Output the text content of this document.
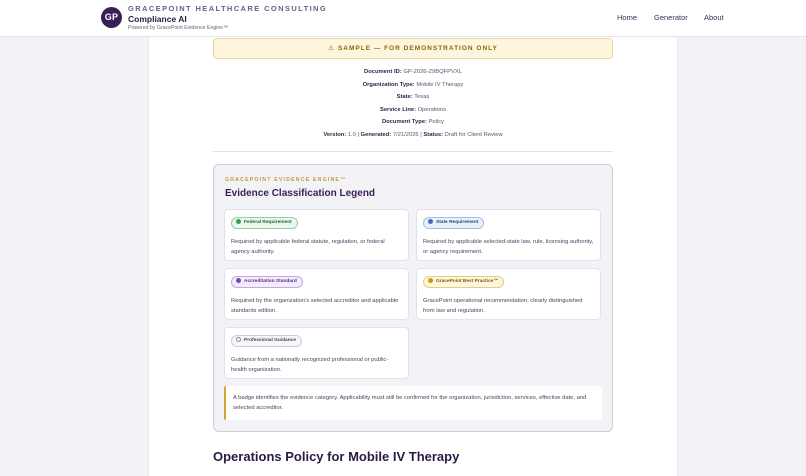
GP
GRACEPOINT HEALTHCARE CONSULTING
Compliance AI
Powered by GracePoint Evidence Engine™
Home Generator About
⚠ SAMPLE — FOR DEMONSTRATION ONLY
Document ID: GP-2026-Z9BQFPVXL
Organization Type: Mobile IV Therapy
State: Texas
Service Line: Operations
Document Type: Policy
Version: 1.0 | Generated: 7/21/2026 | Status: Draft for Client Review
GRACEPOINT EVIDENCE ENGINE™
Evidence Classification Legend
Federal Requirement
Required by applicable federal statute, regulation, or federal agency authority.
State Requirement
Required by applicable selected-state law, rule, licensing authority, or agency requirement.
Accreditation Standard
Required by the organization's selected accreditor and applicable standards edition.
GracePoint Best Practice™
GracePoint operational recommendation; clearly distinguished from law and regulation.
Professional Guidance
Guidance from a nationally recognized professional or public-health organization.
A badge identifies the evidence category. Applicability must still be confirmed for the organization, jurisdiction, services, effective date, and selected accreditor.
Operations Policy for Mobile IV Therapy
